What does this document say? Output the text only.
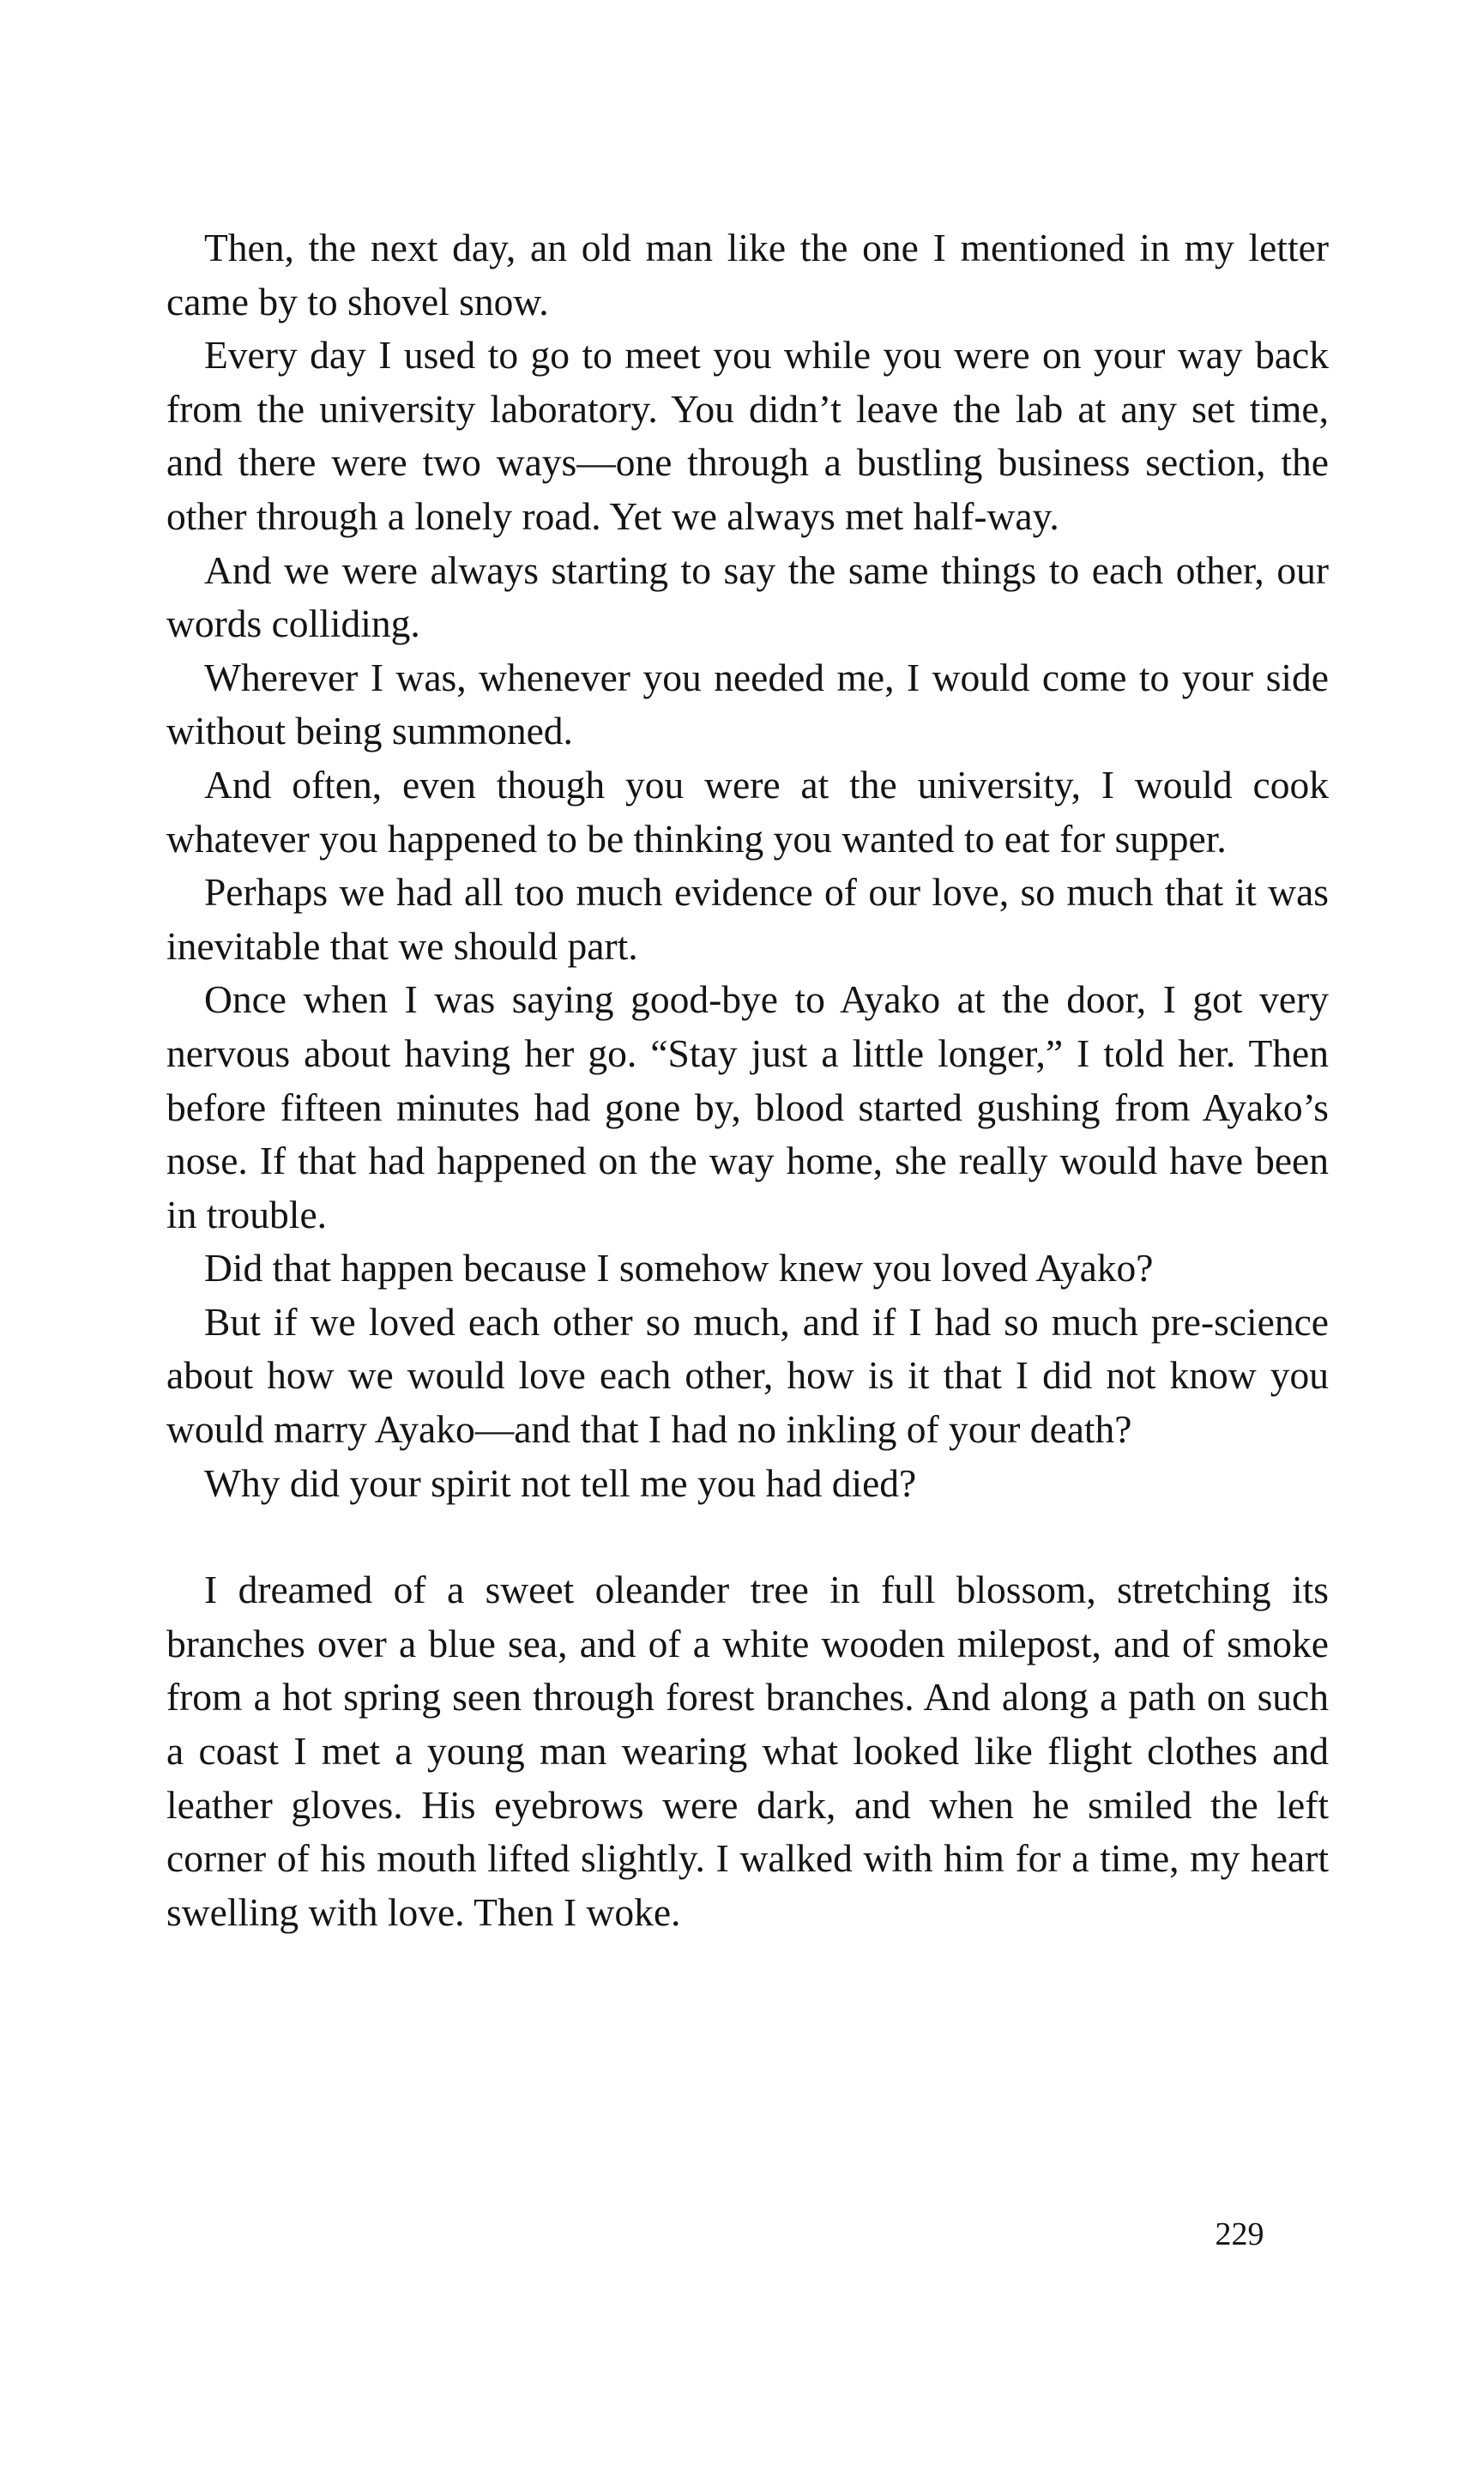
Then, the next day, an old man like the one I mentioned in my letter came by to shovel snow.

Every day I used to go to meet you while you were on your way back from the university laboratory. You didn’t leave the lab at any set time, and there were two ways—one through a bustling business section, the other through a lonely road. Yet we always met half-way.

And we were always starting to say the same things to each other, our words colliding.

Wherever I was, whenever you needed me, I would come to your side without being summoned.

And often, even though you were at the university, I would cook whatever you happened to be thinking you wanted to eat for supper.

Perhaps we had all too much evidence of our love, so much that it was inevitable that we should part.

Once when I was saying good-bye to Ayako at the door, I got very nervous about having her go. “Stay just a little longer,” I told her. Then before fifteen minutes had gone by, blood started gushing from Ayako’s nose. If that had happened on the way home, she really would have been in trouble.

Did that happen because I somehow knew you loved Ayako?

But if we loved each other so much, and if I had so much pre-science about how we would love each other, how is it that I did not know you would marry Ayako—and that I had no inkling of your death?

Why did your spirit not tell me you had died?

I dreamed of a sweet oleander tree in full blossom, stretching its branches over a blue sea, and of a white wooden milepost, and of smoke from a hot spring seen through forest branches. And along a path on such a coast I met a young man wearing what looked like flight clothes and leather gloves. His eyebrows were dark, and when he smiled the left corner of his mouth lifted slightly. I walked with him for a time, my heart swelling with love. Then I woke.

229
